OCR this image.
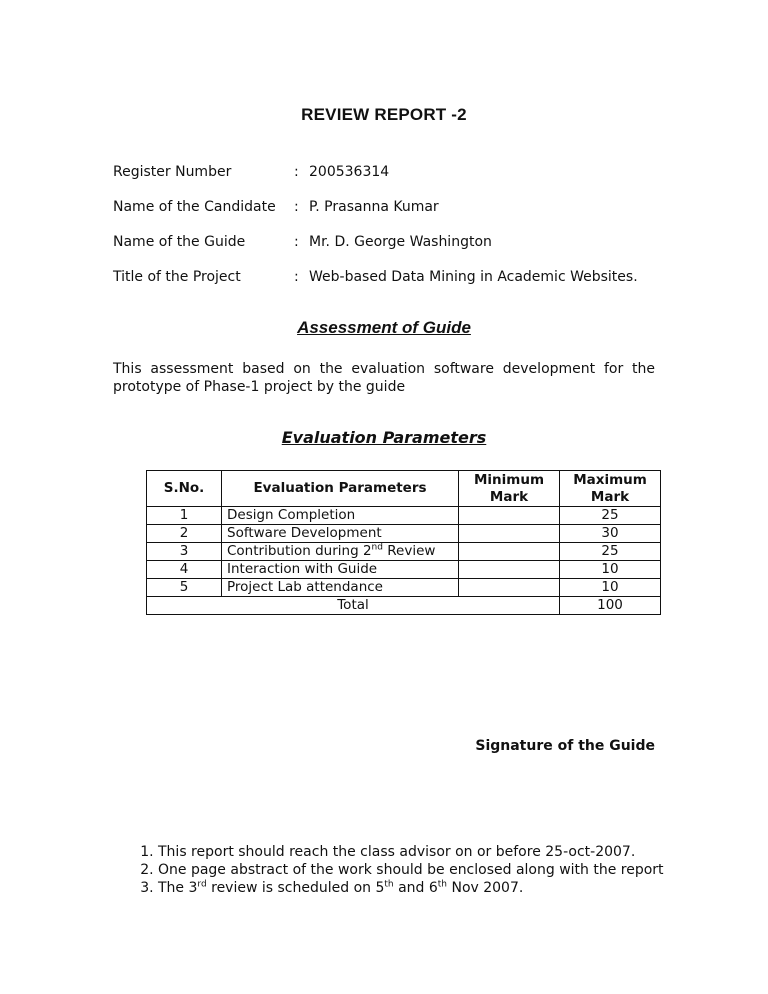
REVIEW REPORT -2
Register Number	: 200536314
Name of the Candidate : P. Prasanna Kumar
Name of the Guide	: Mr. D. George Washington
Title of the Project	: Web-based Data Mining in Academic Websites.
Assessment of Guide
This assessment based on the evaluation software development for the prototype of Phase-1 project by the guide
Evaluation Parameters
S.No.	Evaluation Parameters	Minimum Mark	Maximum Mark
1	Design Completion		25
2	Software Development		30
3	Contribution during 2nd Review		25
4	Interaction with Guide		10
5	Project Lab attendance		10
Total			100
Signature of the Guide
1. This report should reach the class advisor on or before 25-oct-2007.
2. One page abstract of the work should be enclosed along with the report
3. The 3rd review is scheduled on 5th and 6th Nov 2007.
